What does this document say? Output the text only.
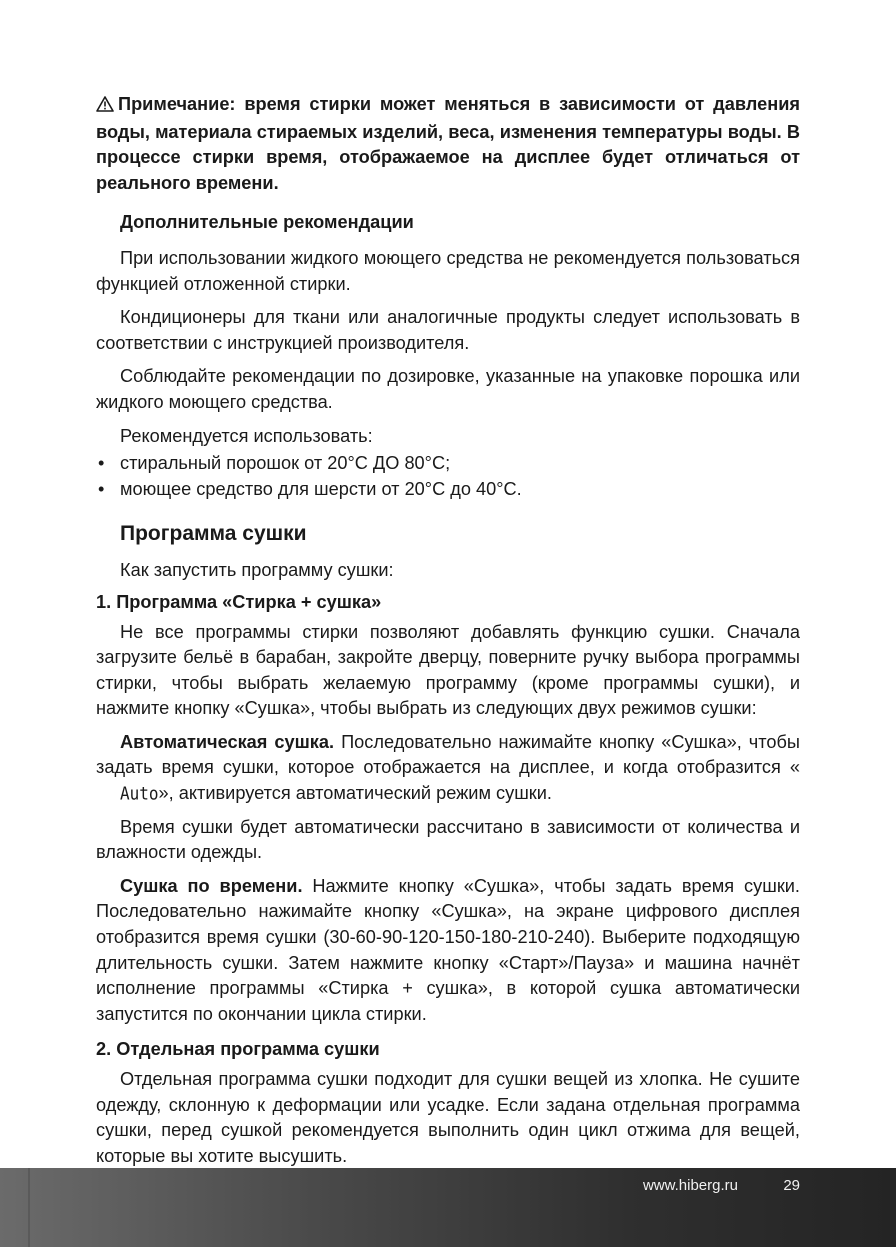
Примечание: время стирки может меняться в зависимости от давления воды, материала стираемых изделий, веса, изменения температуры воды. В процессе стирки время, отображаемое на дисплее будет отличаться от реального времени.

Дополнительные рекомендации

При использовании жидкого моющего средства не рекомендуется пользоваться функцией отложенной стирки.

Кондиционеры для ткани или аналогичные продукты следует использовать в соответствии с инструкцией производителя.

Соблюдайте рекомендации по дозировке, указанные на упаковке порошка или жидкого моющего средства.

Рекомендуется использовать:

• стиральный порошок от 20°С ДО 80°С;
• моющее средство для шерсти от 20°С до 40°С.
Программа сушки

Как запустить программу сушки:

1. Программа «Стирка + сушка»

Не все программы стирки позволяют добавлять функцию сушки. Сначала загрузите бельё в барабан, закройте дверцу, поверните ручку выбора программы стирки, чтобы выбрать желаемую программу (кроме программы сушки), и нажмите кнопку «Сушка», чтобы выбрать из следующих двух режимов сушки:

Автоматическая сушка. Последовательно нажимайте кнопку «Сушка», чтобы задать время сушки, которое отображается на дисплее, и когда отобразится «Auto», активируется автоматический режим сушки.

Время сушки будет автоматически рассчитано в зависимости от количества и влажности одежды.

Сушка по времени. Нажмите кнопку «Сушка», чтобы задать время сушки. Последовательно нажимайте кнопку «Сушка», на экране цифрового дисплея отобразится время сушки (30-60-90-120-150-180-210-240). Выберите подходящую длительность сушки. Затем нажмите кнопку «Старт»/Пауза» и машина начнёт исполнение программы «Стирка + сушка», в которой сушка автоматически запустится по окончании цикла стирки.

2. Отдельная программа сушки

Отдельная программа сушки подходит для сушки вещей из хлопка. Не сушите одежду, склонную к деформации или усадке. Если задана отдельная программа сушки, перед сушкой рекомендуется выполнить один цикл отжима для вещей, которые вы хотите высушить.

www.hiberg.ru	29
